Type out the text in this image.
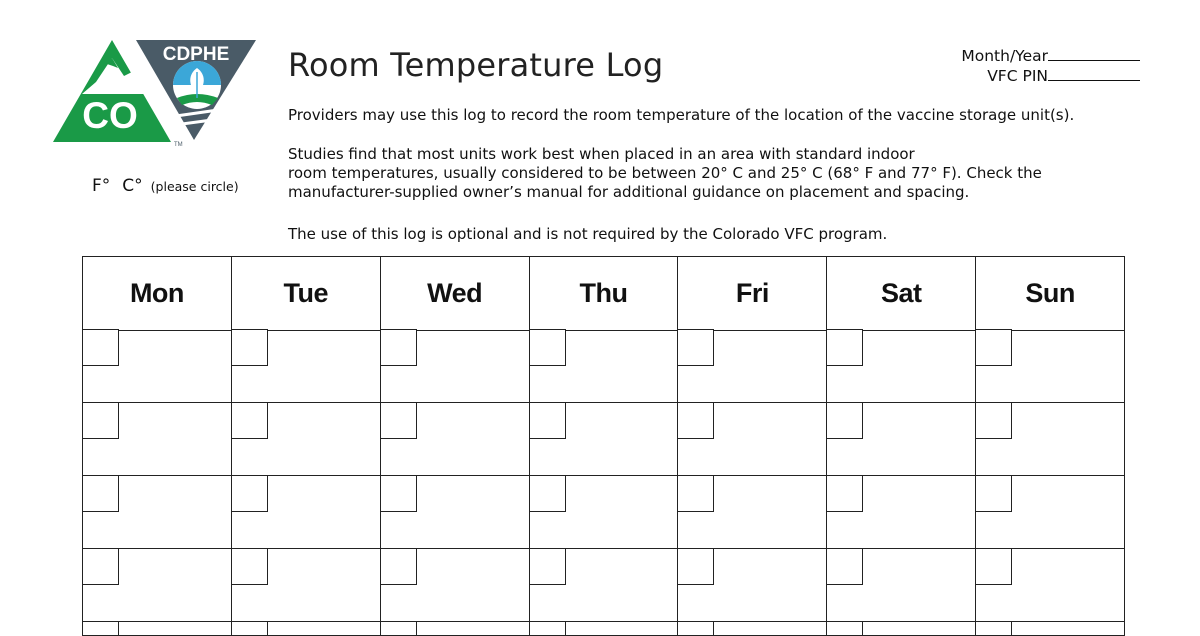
CDPHE
CO
TM
Room Temperature Log	Month/Year
VFC PIN
F° C° (please circle)
Providers may use this log to record the room temperature of the location of the vaccine storage unit(s).
Studies find that most units work best when placed in an area with standard indoor
room temperatures, usually considered to be between 20° C and 25° C (68° F and 77° F). Check the
manufacturer-supplied owner’s manual for additional guidance on placement and spacing.
The use of this log is optional and is not required by the Colorado VFC program.
Mon	Tue	Wed	Thu	Fri	Sat	Sun
